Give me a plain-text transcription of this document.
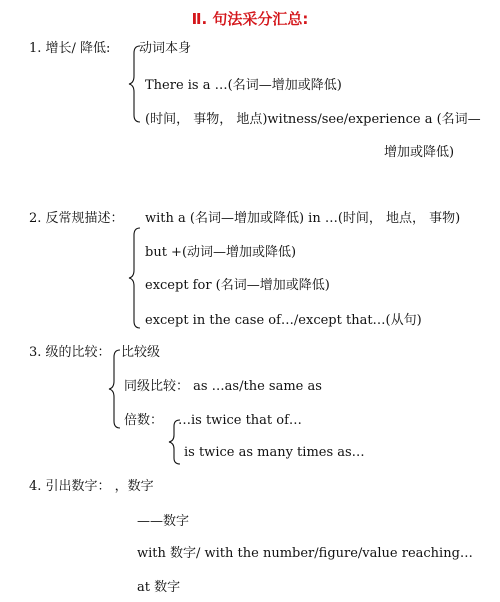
Ⅱ. 句法采分汇总:
1. 增长/ 降低: 动词本身
There is a …(名词—增加或降低)
(时间， 事物， 地点)witness/see/experience a (名词—
增加或降低)
2. 反常规描述： with a (名词—增加或降低) in …(时间， 地点， 事物)
but +(动词—增加或降低)
except for (名词—增加或降低)
except in the case of…/except that…(从句)
3. 级的比较： 比较级
同级比较： as …as/the same as
倍数： …is twice that of…
is twice as many times as…
4. 引出数字： ，数字
——数字
with 数字/ with the number/figure/value reaching…
at 数字
